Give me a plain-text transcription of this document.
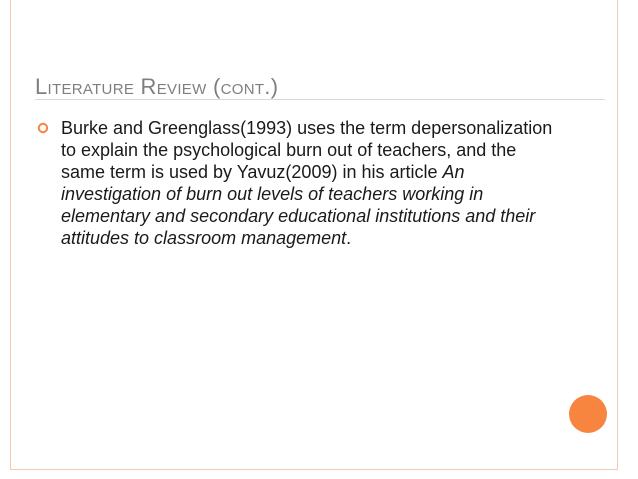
Literature Review (cont.)
Burke and Greenglass(1993) uses the term depersonalization to explain the psychological burn out of teachers, and the same term is used by Yavuz(2009) in his article An investigation of burn out levels of teachers working in elementary and secondary educational institutions and their attitudes to classroom management.
